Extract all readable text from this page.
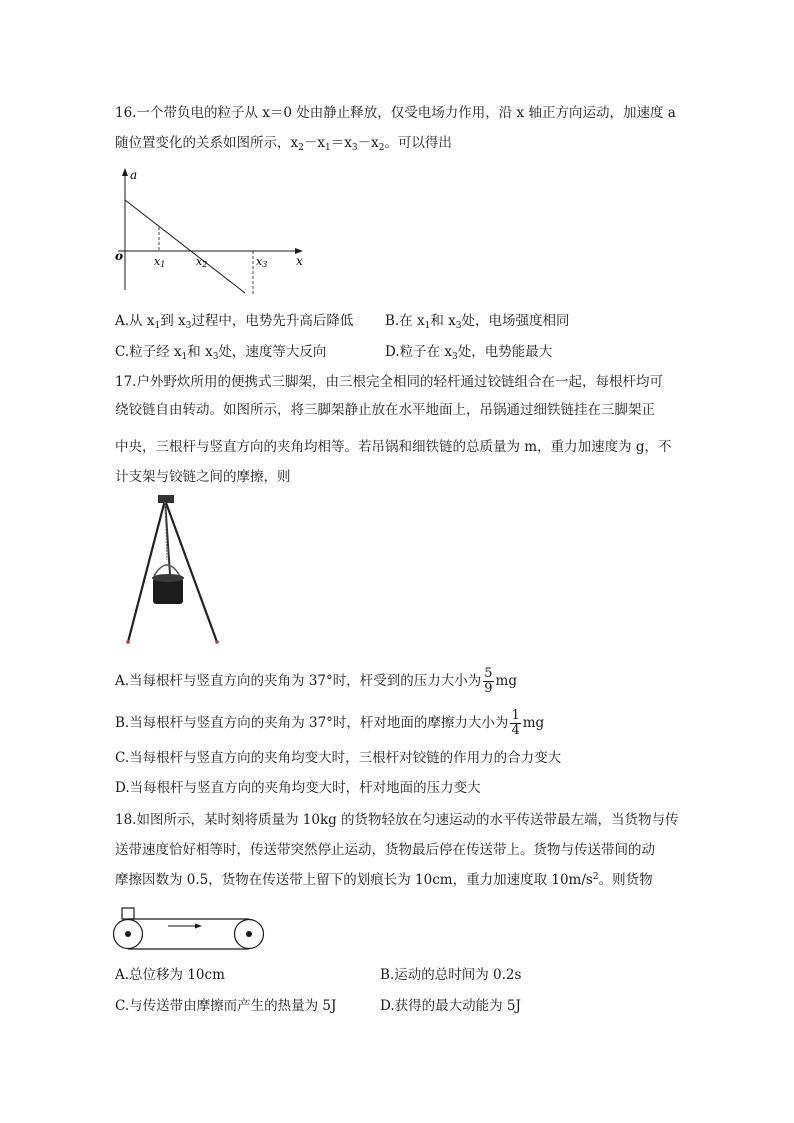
16.一个带负电的粒子从 x＝0 处由静止释放，仅受电场力作用，沿 x 轴正方向运动，加速度 a
随位置变化的关系如图所示，$x_2-x_1=x_3-x_2$。可以得出
a
x
o	x1	x2	x3
A.从 $x_1$到 $x_3$过程中，电势先升高后降低 B.在 $x_1$和 $x_3$处，电场强度相同
C.粒子经 $x_1$和 $x_3$处，速度等大反向	D.粒子在 $x_3$处，电势能最大
17.户外野炊所用的便携式三脚架，由三根完全相同的轻杆通过铰链组合在一起，每根杆均可
绕铰链自由转动。如图所示，将三脚架静止放在水平地面上，吊锅通过细铁链挂在三脚架正
中央，三根杆与竖直方向的夹角均相等。若吊锅和细铁链的总质量为 m，重力加速度为 g，不
计支架与铰链之间的摩擦，则
A.当每根杆与竖直方向的夹角为 37°时，杆受到的压力大小为 $\frac{5}{9}$ mg
B.当每根杆与竖直方向的夹角为 37°时，杆对地面的摩擦力大小为 $\frac{1}{4}$ mg
C.当每根杆与竖直方向的夹角均变大时，三根杆对铰链的作用力的合力变大
D.当每根杆与竖直方向的夹角均变大时，杆对地面的压力变大
18.如图所示，某时刻将质量为 10kg 的货物轻放在匀速运动的水平传送带最左端，当货物与传
送带速度恰好相等时，传送带突然停止运动，货物最后停在传送带上。货物与传送带间的动
摩擦因数为 0.5，货物在传送带上留下的划痕长为 10cm，重力加速度取 $10m/s^2$。则货物
A.总位移为 10cm	B.运动的总时间为 0.2s
C.与传送带由摩擦而产生的热量为 5J	D.获得的最大动能为 5J
